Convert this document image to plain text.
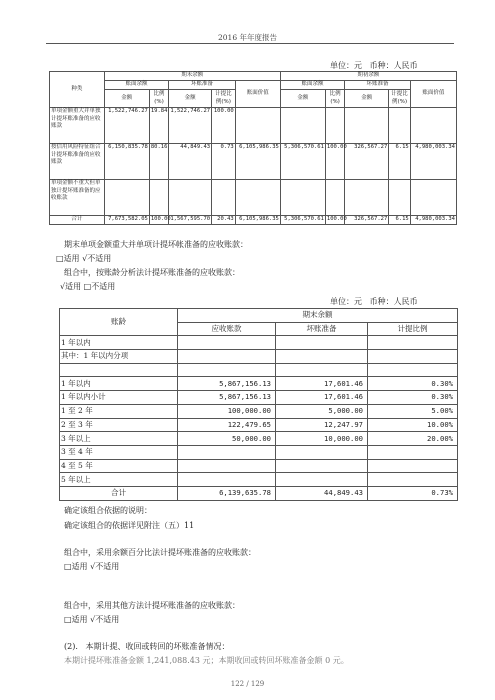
2016 年年度报告
单位：元   币种：人民币
种类	期末余额					期初余额				
	账面余额		坏账准备		账面价值	账面余额		坏账准备		账面价值
	金额	比例(%)	金额	计提比例(%)		金额	比例(%)	金额	计提比例(%)	
单项金额重大并单独计提坏账准备的应收账款	1,522,746.27	19.84	1,522,746.27	100.00						
按信用风险特征组合计提坏账准备的应收账款	6,150,835.78	80.16	44,849.43	0.73	6,105,986.35	5,306,570.61	100.00	326,567.27	6.15	4,980,003.34
单项金额不重大但单独计提坏账准备的应收账款										
合计	7,673,582.05	100.00	1,567,595.70	20.43	6,105,986.35	5,306,570.61	100.00	326,567.27	6.15	4,980,003.34
期末单项金额重大并单项计提坏帐准备的应收账款：
□适用 √不适用
组合中，按账龄分析法计提坏账准备的应收账款：
√适用 □不适用
单位：元   币种：人民币
账龄	期末余额		
	应收账款	坏账准备	计提比例
1 年以内			
其中：1 年以内分项			

1 年以内	5,867,156.13	17,601.46	0.30%
1 年以内小计	5,867,156.13	17,601.46	0.30%
1 至 2 年	100,000.00	5,000.00	5.00%
2 至 3 年	122,479.65	12,247.97	10.00%
3 年以上	50,000.00	10,000.00	20.00%
3 至 4 年			
4 至 5 年			
5 年以上			
合计	6,139,635.78	44,849.43	0.73%
确定该组合依据的说明：
确定该组合的依据详见附注（五）11
组合中，采用余额百分比法计提坏账准备的应收账款：
□适用 √不适用
组合中，采用其他方法计提坏账准备的应收账款：
□适用 √不适用
(2).   本期计提、收回或转回的坏账准备情况：
本期计提坏账准备金额 1,241,088.43 元；本期收回或转回坏账准备金额 0 元。
122 / 129
